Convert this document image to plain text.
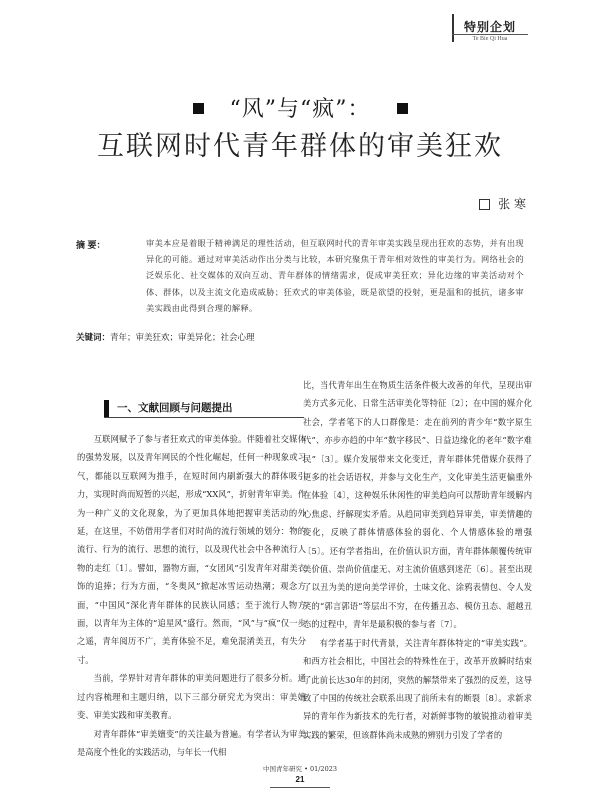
特别企划
Te Bie Qi Hua
“风”与“疯”：
互联网时代青年群体的审美狂欢
张 寒
摘 要：	审美本应是着眼于精神满足的理性活动，但互联网时代的青年审美实践呈现出狂欢的态势，并有出现异化的可能。通过对审美活动作出分类与比较，本研究聚焦于青年相对效性的审美行为。网络社会的泛娱乐化、社交媒体的双向互动、青年群体的情绪需求，促成审美狂欢；异化边缘的审美活动对个体、群体，以及主流文化造成威胁；狂欢式的审美体验，既是欲望的投射，更是温和的抵抗，诸多审美实践由此得到合理的解释。
关键词：青年；审美狂欢；审美异化；社会心理
一、文献回顾与问题提出

互联网赋予了参与者狂欢式的审美体验。伴随着社交媒体的强势发展，以及青年网民的个性化崛起，任何一种现象或习气，都能以互联网为推手，在短时间内刷新强大的群体吸引力，实现时尚而短暂的兴起，形成“XX风”，折射青年审美。作为一种广义的文化现象，为了更加具体地把握审美活动的外延，在这里，不妨借用学者们对时尚的流行领域的划分：物的流行、行为的流行、思想的流行，以及现代社会中各种流行人物的走红〔1〕。譬如，器物方面，“女团风”引发青年对甜美衣饰的追捧；行为方面，“冬奥风”掀起冰雪运动热潮；观念方面，“中国风”深化青年群体的民族认同感；至于流行人物方面，以青年为主体的“追星风”盛行。然而，“风”与“疯”仅一步之遥，青年阅历不广，美育体验不足，难免混淆美丑，有失分寸。

当前，学界针对青年群体的审美问题进行了很多分析。通过内容梳理和主题归纳，以下三部分研究尤为突出：审美嬗变、审美实践和审美教育。

对青年群体“审美嬗变”的关注最为普遍。有学者认为审美是高度个性化的实践活动，与年长一代相

比，当代青年出生在物质生活条件极大改善的年代，呈现出审美方式多元化、日常生活审美化等特征〔2〕；在中国的媒介化社会，学者笔下的人口群像是：走在前列的青少年“数字原生代”、亦步亦趋的中年“数字移民”、日益边缘化的老年“数字难民”〔3〕。媒介发展带来文化变迁，青年群体凭借媒介获得了更多的社会话语权，并参与文化生产，文化审美生活更偏重外在体验〔4〕，这种娱乐休闲性的审美趋向可以帮助青年缓解内心焦虑、纾解现实矛盾。从趋同审美到趋异审美，审美情趣的变化，反映了群体情感体验的弱化、个人情感体验的增强〔5〕。还有学者指出，在价值认识方面，青年群体颠覆传统审美价值、崇尚价值虚无、对主流价值感到迷茫〔6〕。甚至出现了以丑为美的逆向美学评价，土味文化、涂鸦表情包、令人发笑的“郭言郭语”等层出不穷，在传播丑态、模仿丑态、超越丑态的过程中，青年是最积极的参与者〔7〕。

有学者基于时代背景，关注青年群体特定的“审美实践”。和西方社会相比，中国社会的特殊性在于，改革开放瞬时结束了此前长达30年的封闭，突然的解禁带来了强烈的反差，这导致了中国的传统社会联系出现了前所未有的断裂〔8〕。求新求异的青年作为新技术的先行者，对新鲜事物的敏锐推动着审美实践的繁荣，但该群体尚未成熟的辨别力引发了学者的

中国青年研究 • 01/2023
21
